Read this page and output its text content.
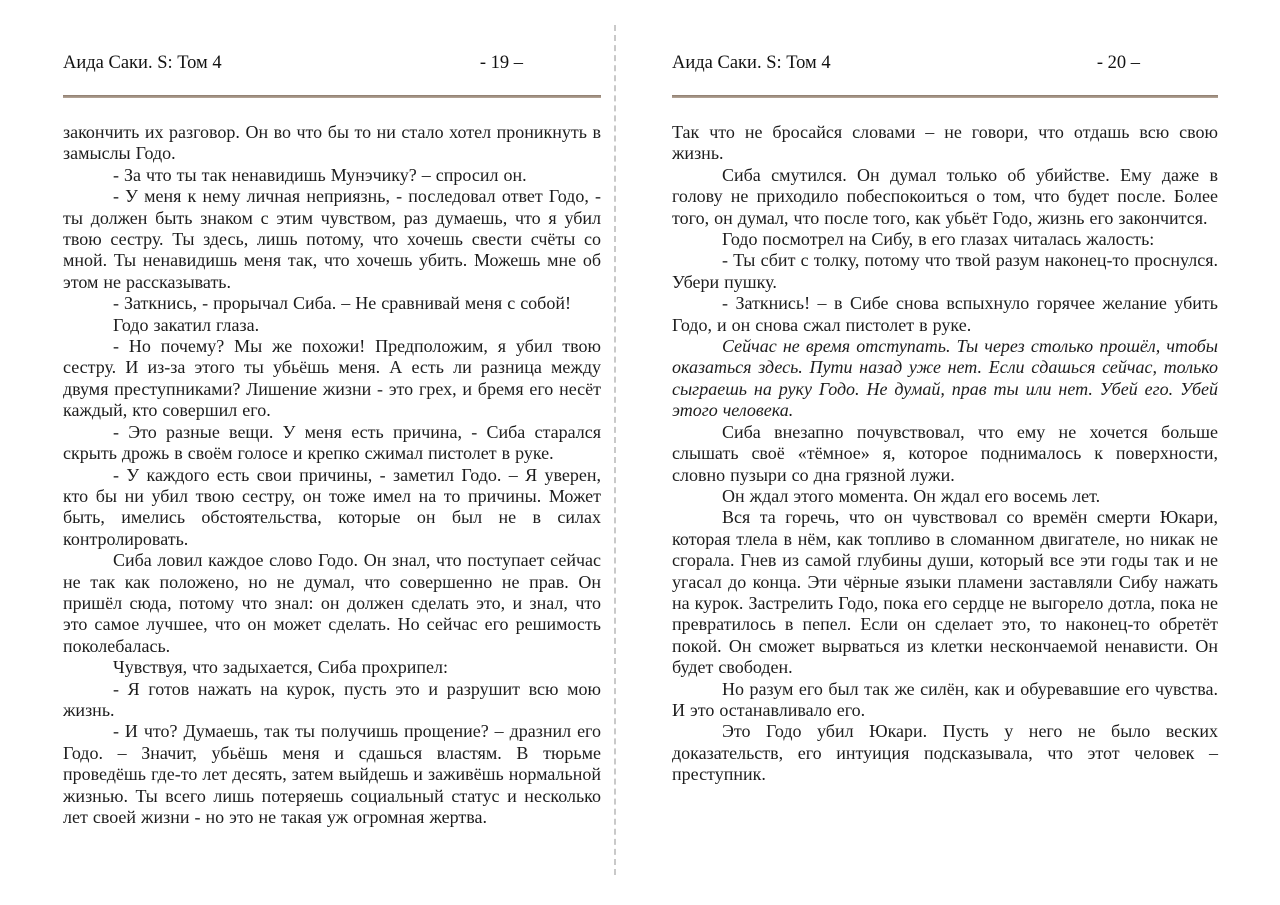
Аида Саки. S: Том 4	- 19 –

закончить их разговор. Он во что бы то ни стало хотел проникнуть в замыслы Годо.

- За что ты так ненавидишь Мунэчику? – спросил он.

- У меня к нему личная неприязнь, - последовал ответ Годо, - ты должен быть знаком с этим чувством, раз думаешь, что я убил твою сестру. Ты здесь, лишь потому, что хочешь свести счёты со мной. Ты ненавидишь меня так, что хочешь убить. Можешь мне об этом не рассказывать.

- Заткнись, - прорычал Сиба. – Не сравнивай меня с собой!

Годо закатил глаза.

- Но почему? Мы же похожи! Предположим, я убил твою сестру. И из-за этого ты убьёшь меня. А есть ли разница между двумя преступниками? Лишение жизни - это грех, и бремя его несёт каждый, кто совершил его.

- Это разные вещи. У меня есть причина, - Сиба старался скрыть дрожь в своём голосе и крепко сжимал пистолет в руке.

- У каждого есть свои причины, - заметил Годо. – Я уверен, кто бы ни убил твою сестру, он тоже имел на то причины. Может быть, имелись обстоятельства, которые он был не в силах контролировать.

Сиба ловил каждое слово Годо. Он знал, что поступает сейчас не так как положено, но не думал, что совершенно не прав. Он пришёл сюда, потому что знал: он должен сделать это, и знал, что это самое лучшее, что он может сделать. Но сейчас его решимость поколебалась.

Чувствуя, что задыхается, Сиба прохрипел:

- Я готов нажать на курок, пусть это и разрушит всю мою жизнь.

- И что? Думаешь, так ты получишь прощение? – дразнил его Годо. – Значит, убьёшь меня и сдашься властям. В тюрьме проведёшь где-то лет десять, затем выйдешь и заживёшь нормальной жизнью. Ты всего лишь потеряешь социальный статус и несколько лет своей жизни - но это не такая уж огромная жертва.

Аида Саки. S: Том 4	- 20 –

Так что не бросайся словами – не говори, что отдашь всю свою жизнь.

Сиба смутился. Он думал только об убийстве. Ему даже в голову не приходило побеспокоиться о том, что будет после. Более того, он думал, что после того, как убьёт Годо, жизнь его закончится.

Годо посмотрел на Сибу, в его глазах читалась жалость:

- Ты сбит с толку, потому что твой разум наконец-то проснулся. Убери пушку.

- Заткнись! – в Сибе снова вспыхнуло горячее желание убить Годо, и он снова сжал пистолет в руке.

Сейчас не время отступать. Ты через столько прошёл, чтобы оказаться здесь. Пути назад уже нет. Если сдашься сейчас, только сыграешь на руку Годо. Не думай, прав ты или нет. Убей его. Убей этого человека.

Сиба внезапно почувствовал, что ему не хочется больше слышать своё «тёмное» я, которое поднималось к поверхности, словно пузыри со дна грязной лужи.

Он ждал этого момента. Он ждал его восемь лет.

Вся та горечь, что он чувствовал со времён смерти Юкари, которая тлела в нём, как топливо в сломанном двигателе, но никак не сгорала. Гнев из самой глубины души, который все эти годы так и не угасал до конца. Эти чёрные языки пламени заставляли Сибу нажать на курок. Застрелить Годо, пока его сердце не выгорело дотла, пока не превратилось в пепел. Если он сделает это, то наконец-то обретёт покой. Он сможет вырваться из клетки нескончаемой ненависти. Он будет свободен.

Но разум его был так же силён, как и обуревавшие его чувства. И это останавливало его.

Это Годо убил Юкари. Пусть у него не было веских доказательств, его интуиция подсказывала, что этот человек – преступник.
